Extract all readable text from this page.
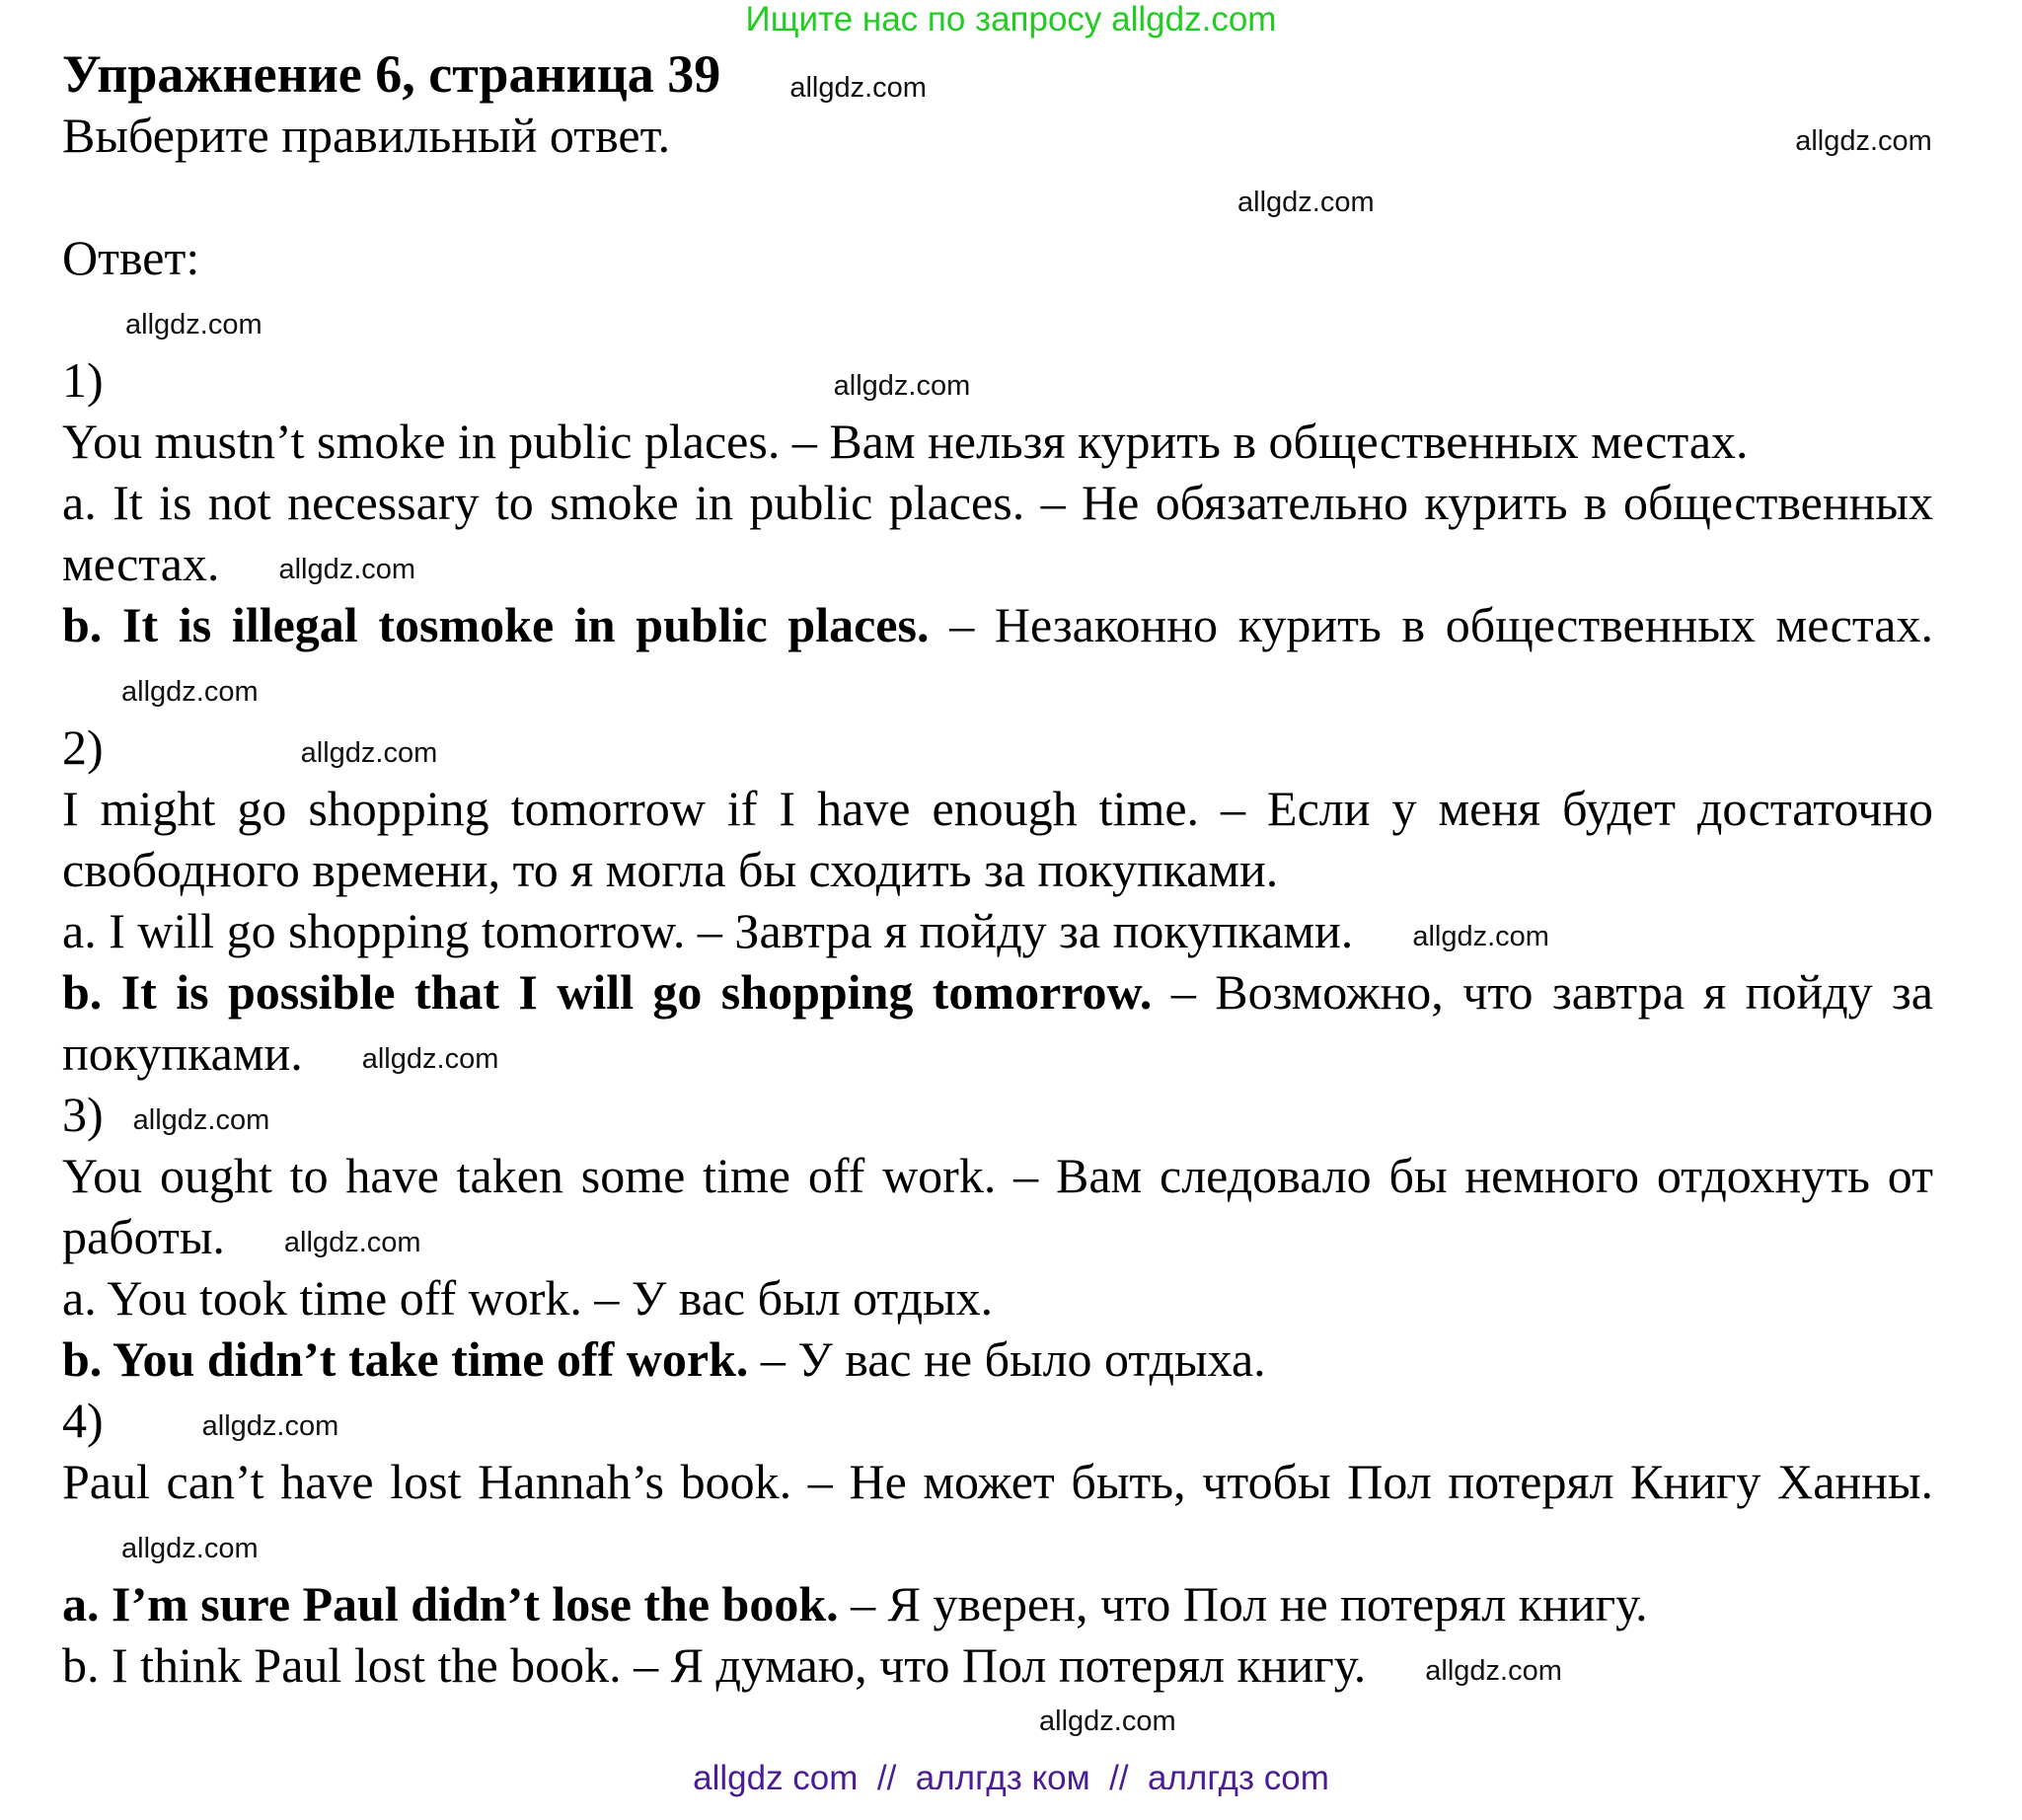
Ищите нас по запросу allgdz.com
Упражнение 6, страница 39 allgdz.com
Выберите правильный ответ.	allgdz.com
allgdz.com
Ответ:
allgdz.com
1)	allgdz.com

You mustn’t smoke in public places. – Вам нельзя курить в общественных местах.

a. It is not necessary to smoke in public places. – Не обязательно курить в общественных местах. allgdz.com

b. It is illegal tosmoke in public places. – Незаконно курить в общественных местах.allgdz.com

2)	allgdz.com

I might go shopping tomorrow if I have enough time. – Если у меня будет достаточно свободного времени, то я могла бы сходить за покупками.

a. I will go shopping tomorrow. – Завтра я пойду за покупками. allgdz.com

b. It is possible that I will go shopping tomorrow. – Возможно, что завтра я пойду за покупками. allgdz.com

3) allgdz.com

You ought to have taken some time off work. – Вам следовало бы немного отдохнуть от работы. allgdz.com

a. You took time off work. – У вас был отдых.

b. You didn’t take time off work. – У вас не было отдыха.

4)	allgdz.com

Paul can’t have lost Hannah’s book. – Не может быть, чтобы Пол потерял Книгу Ханны.allgdz.com

a. I’m sure Paul didn’t lose the book. – Я уверен, что Пол не потерял книгу.

b. I think Paul lost the book. – Я думаю, что Пол потерял книгу. allgdz.com

allgdz.com
allgdz com  //  аллгдз ком  //  аллгдз com
